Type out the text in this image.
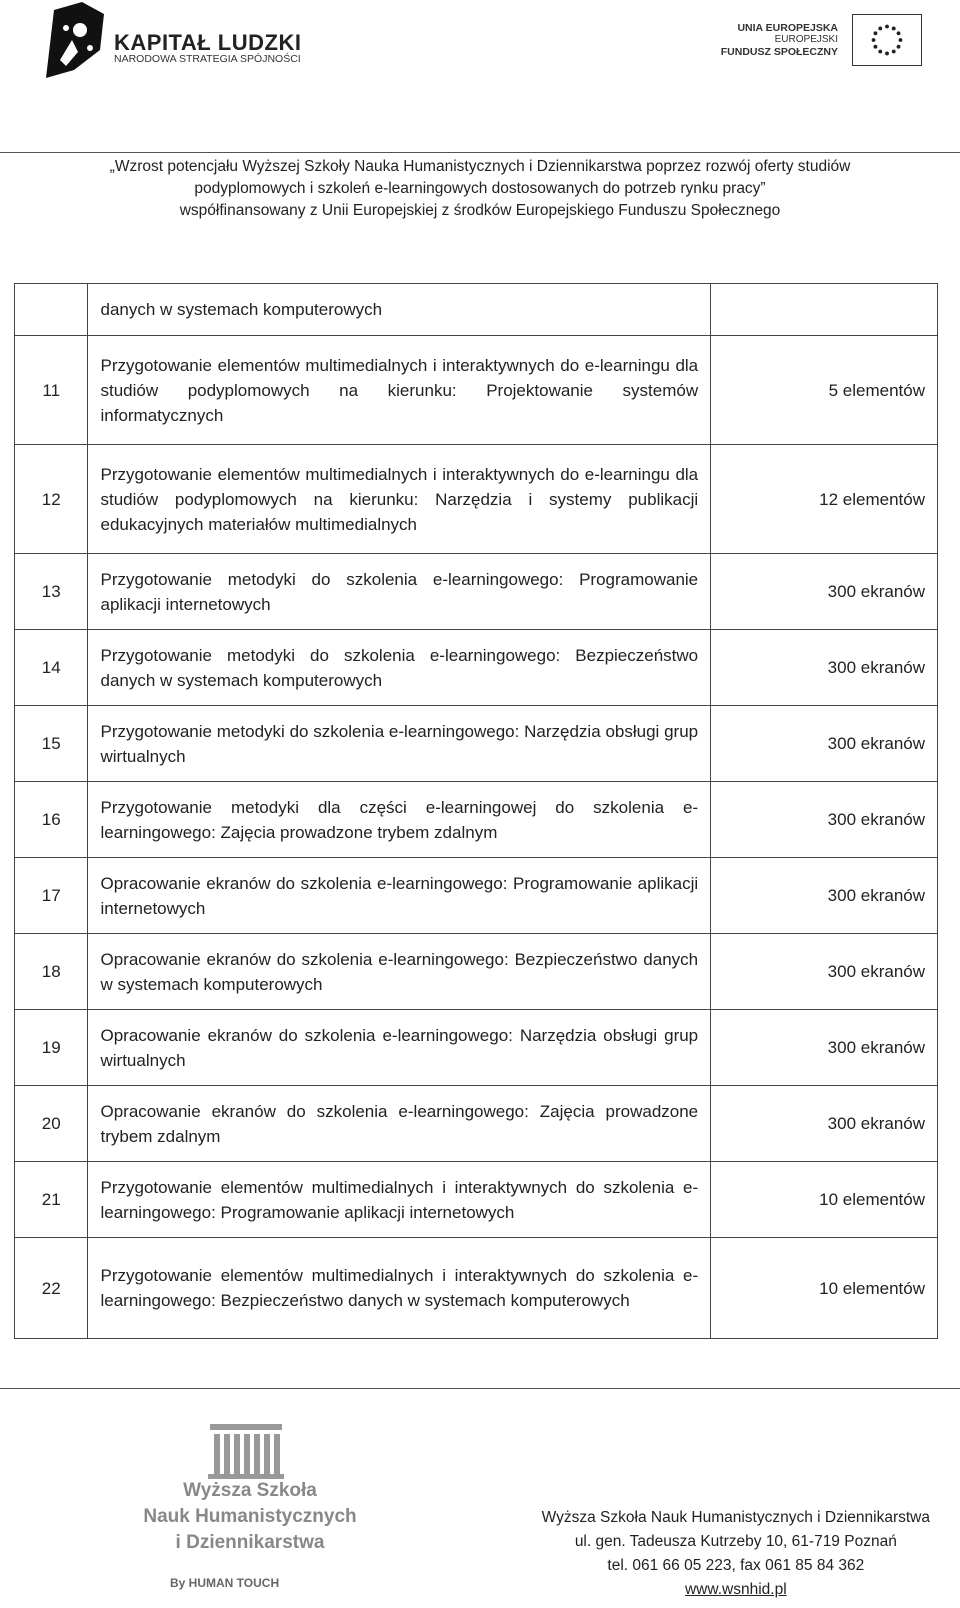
KAPITAŁ LUDZKI
NARODOWA STRATEGIA SPÓJNOŚCI
UNIA EUROPEJSKA
EUROPEJSKI
FUNDUSZ SPOŁECZNY
„Wzrost potencjału Wyższej Szkoły Nauka Humanistycznych i Dziennikarstwa poprzez rozwój oferty studiów
podyplomowych i szkoleń e-learningowych dostosowanych do potrzeb rynku pracy”
współfinansowany z Unii Europejskiej z środków Europejskiego Funduszu Społecznego
	danych w systemach komputerowych	
11	Przygotowanie elementów multimedialnych i interaktywnych do e-learningu dla studiów podyplomowych na kierunku: Projektowanie systemów informatycznych	5 elementów
12	Przygotowanie elementów multimedialnych i interaktywnych do e-learningu dla studiów podyplomowych na kierunku: Narzędzia i systemy publikacji edukacyjnych materiałów multimedialnych	12 elementów
13	Przygotowanie metodyki do szkolenia e-learningowego: Programowanie aplikacji internetowych	300 ekranów
14	Przygotowanie metodyki do szkolenia e-learningowego: Bezpieczeństwo danych w systemach komputerowych	300 ekranów
15	Przygotowanie metodyki do szkolenia e-learningowego: Narzędzia obsługi grup wirtualnych	300 ekranów
16	Przygotowanie metodyki dla części e-learningowej do szkolenia e-learningowego: Zajęcia prowadzone trybem zdalnym	300 ekranów
17	Opracowanie ekranów do szkolenia e-learningowego: Programowanie aplikacji internetowych	300 ekranów
18	Opracowanie ekranów do szkolenia e-learningowego: Bezpieczeństwo danych w systemach komputerowych	300 ekranów
19	Opracowanie ekranów do szkolenia e-learningowego: Narzędzia obsługi grup wirtualnych	300 ekranów
20	Opracowanie ekranów do szkolenia e-learningowego: Zajęcia prowadzone trybem zdalnym	300 ekranów
21	Przygotowanie elementów multimedialnych i interaktywnych do szkolenia e-learningowego: Programowanie aplikacji internetowych	10 elementów
22	Przygotowanie elementów multimedialnych i interaktywnych do szkolenia e-learningowego: Bezpieczeństwo danych w systemach komputerowych	10 elementów
Wyższa Szkoła
Nauk Humanistycznych
i Dziennikarstwa
By HUMAN TOUCH
Wyższa Szkoła Nauk Humanistycznych i Dziennikarstwa
ul. gen. Tadeusza Kutrzeby 10, 61-719 Poznań
tel. 061 66 05 223, fax 061 85 84 362
www.wsnhid.pl
